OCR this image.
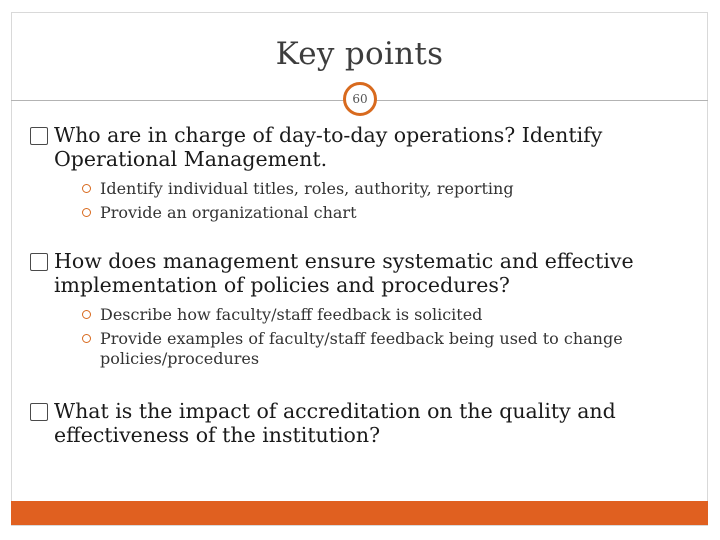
Key points
60
Who are in charge of day-to-day operations? Identify Operational Management.
Identify individual titles, roles, authority, reporting
Provide an organizational chart
How does management ensure systematic and effective implementation of policies and procedures?
Describe how faculty/staff feedback is solicited
Provide examples of faculty/staff feedback being used to change policies/procedures
What is the impact of accreditation on the quality and effectiveness of the institution?
